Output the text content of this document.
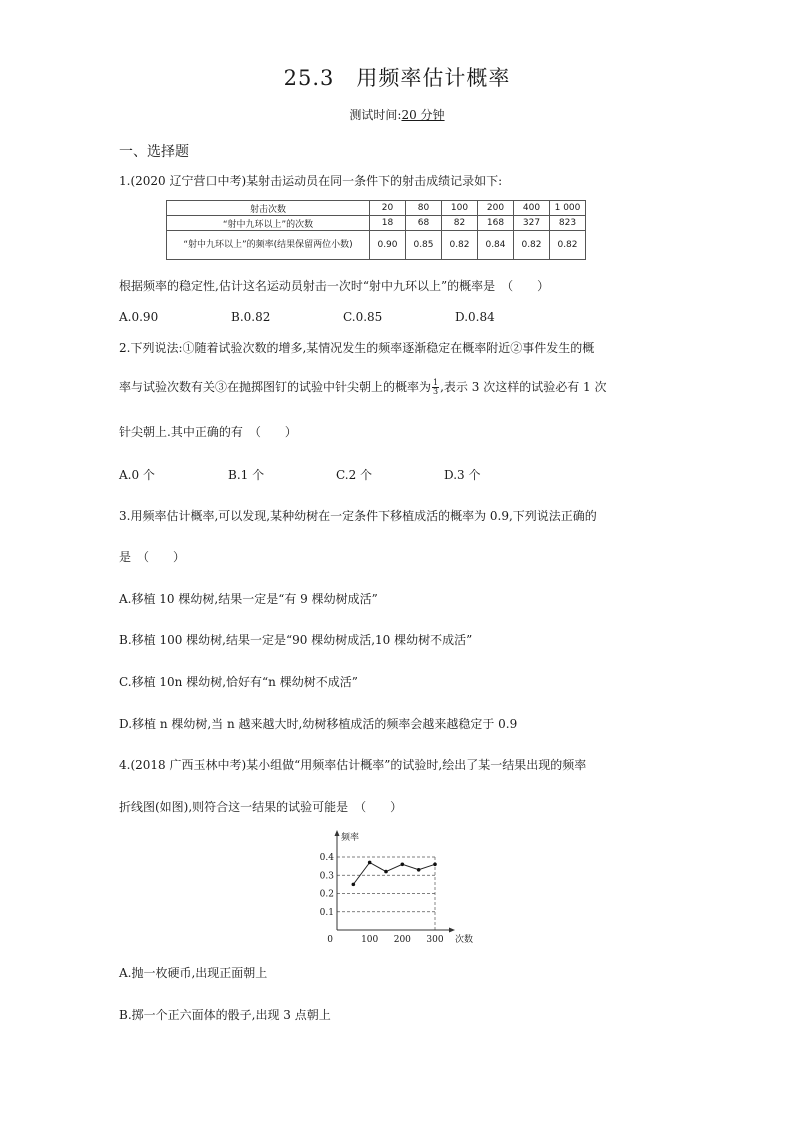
25.3　用频率估计概率
测试时间:20 分钟
一、选择题
1.(2020 辽宁营口中考)某射击运动员在同一条件下的射击成绩记录如下:
射击次数	20	80	100	200	400	1 000
“射中九环以上”的次数	18	68	82	168	327	823
“射中九环以上”的频率(结果保留两位小数)	0.90	0.85	0.82	0.84	0.82	0.82
根据频率的稳定性,估计这名运动员射击一次时“射中九环以上”的概率是　（　　）
A.0.90	B.0.82	C.0.85	D.0.84
2.下列说法:①随着试验次数的增多,某情况发生的频率逐渐稳定在概率附近②事件发生的概
率与试验次数有关③在抛掷图钉的试验中针尖朝上的概率为 $\frac{1}{3}$ ,表示 3 次这样的试验必有 1 次
针尖朝上.其中正确的有　（　　）
A.0 个	B.1 个	C.2 个	D.3 个
3.用频率估计概率,可以发现,某种幼树在一定条件下移植成活的概率为 0.9,下列说法正确的
是　（　　）
A.移植 10 棵幼树,结果一定是“有 9 棵幼树成活”
B.移植 100 棵幼树,结果一定是“90 棵幼树成活,10 棵幼树不成活”
C.移植 10n 棵幼树,恰好有“n 棵幼树不成活”
D.移植 n 棵幼树,当 n 越来越大时,幼树移植成活的频率会越来越稳定于 0.9
4.(2018 广西玉林中考)某小组做“用频率估计概率”的试验时,绘出了某一结果出现的频率
折线图(如图),则符合这一结果的试验可能是　（　　）
0.1
0.2
0.3
0.4
100 200 300
频率
次数
0
A.抛一枚硬币,出现正面朝上
B.掷一个正六面体的骰子,出现 3 点朝上
